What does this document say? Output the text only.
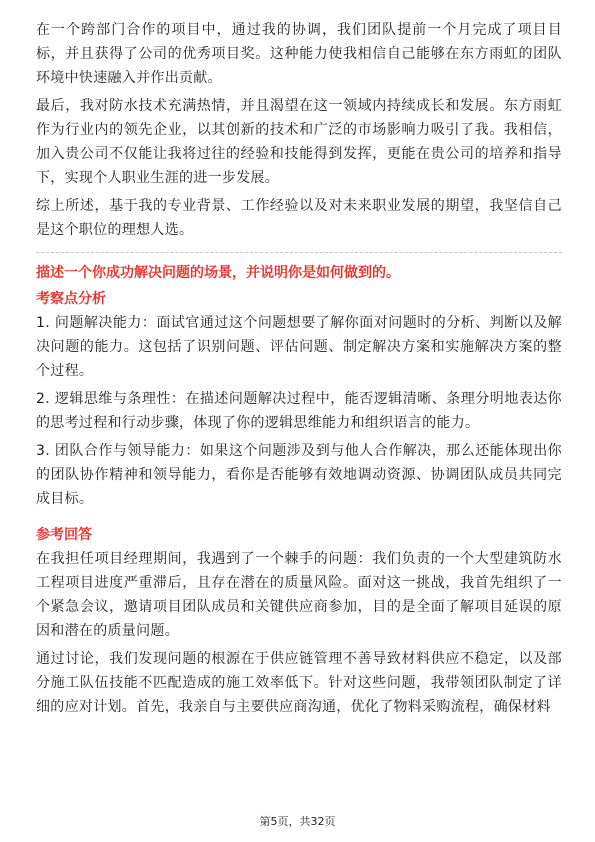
在一个跨部门合作的项目中，通过我的协调，我们团队提前一个月完成了项目目标，并且获得了公司的优秀项目奖。这种能力使我相信自己能够在东方雨虹的团队环境中快速融入并作出贡献。

最后，我对防水技术充满热情，并且渴望在这一领域内持续成长和发展。东方雨虹作为行业内的领先企业，以其创新的技术和广泛的市场影响力吸引了我。我相信，加入贵公司不仅能让我将过往的经验和技能得到发挥，更能在贵公司的培养和指导下，实现个人职业生涯的进一步发展。

综上所述，基于我的专业背景、工作经验以及对未来职业发展的期望，我坚信自己是这个职位的理想人选。

描述一个你成功解决问题的场景，并说明你是如何做到的。

考察点分析

1. 问题解决能力：面试官通过这个问题想要了解你面对问题时的分析、判断以及解决问题的能力。这包括了识别问题、评估问题、制定解决方案和实施解决方案的整个过程。

2. 逻辑思维与条理性：在描述问题解决过程中，能否逻辑清晰、条理分明地表达你的思考过程和行动步骤，体现了你的逻辑思维能力和组织语言的能力。

3. 团队合作与领导能力：如果这个问题涉及到与他人合作解决，那么还能体现出你的团队协作精神和领导能力，看你是否能够有效地调动资源、协调团队成员共同完成目标。

参考回答

在我担任项目经理期间，我遇到了一个棘手的问题：我们负责的一个大型建筑防水工程项目进度严重滞后，且存在潜在的质量风险。面对这一挑战，我首先组织了一个紧急会议，邀请项目团队成员和关键供应商参加，目的是全面了解项目延误的原因和潜在的质量问题。

通过讨论，我们发现问题的根源在于供应链管理不善导致材料供应不稳定，以及部分施工队伍技能不匹配造成的施工效率低下。针对这些问题，我带领团队制定了详细的应对计划。首先，我亲自与主要供应商沟通，优化了物料采购流程，确保材料

第5页，共32页
